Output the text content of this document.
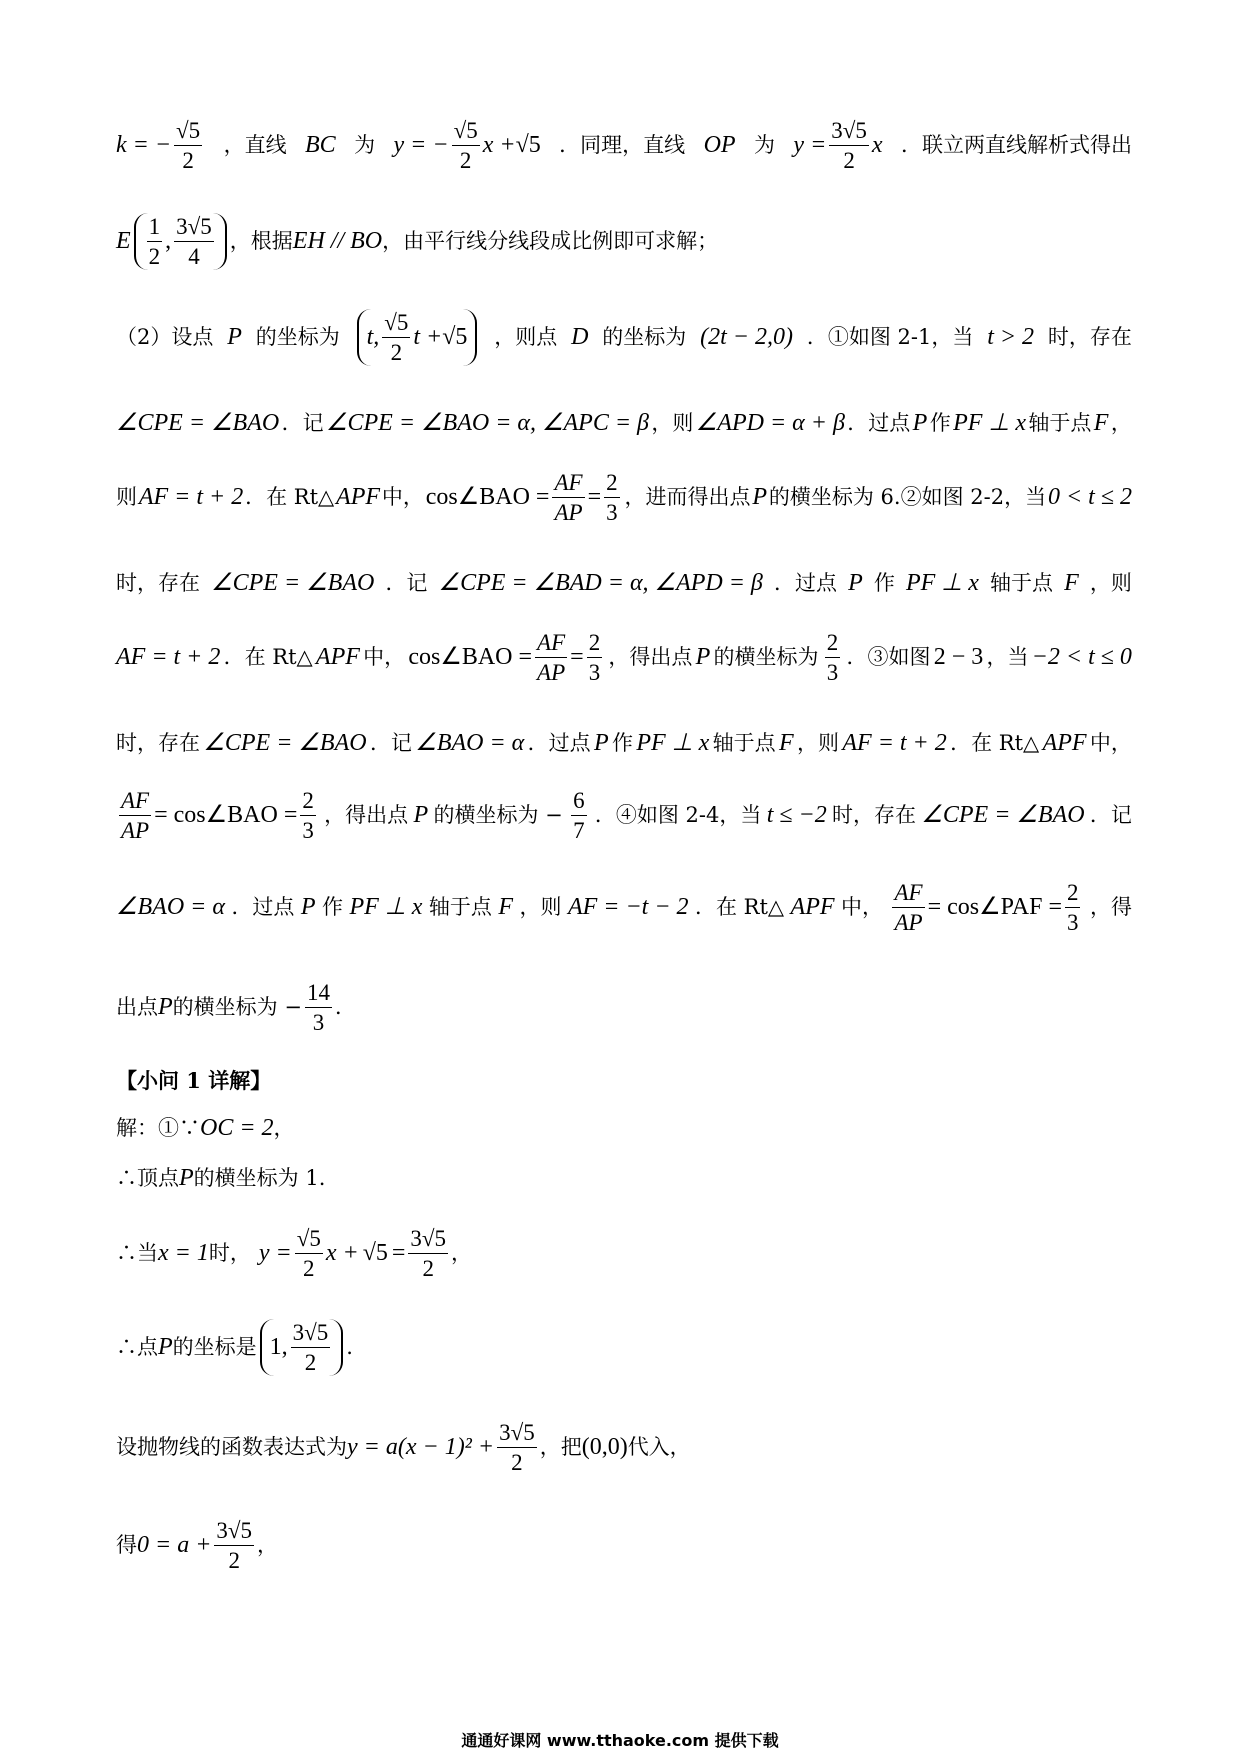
k = − $\frac{√5}{2}$ ，直线 BC 为 y = − $\frac{√5}{2}$ x + √5 ．同理，直线 OP 为 $y = \frac{3√5}{2}$ x ．联立两直线解析式得出
E $\frac{1}{2}$ , $\frac{3√5}{4}$ ，根据 EH // BO ，由平行线分线段成比例即可求解；
（2）设点 P 的坐标为 t, $\frac{√5}{2}$ t + √5 ，则点 D 的坐标为 (2t − 2,0) ．①如图 2-1，当 t > 2 时，存在
∠CPE = ∠BAO ．记 ∠CPE = ∠BAO = α, ∠APC = β ，则 ∠APD = α + β ．过点 P 作 PF ⊥ x 轴于点 F ，
则 AF = t + 2 ．在 Rt△ APF 中， cos∠BAO = $\frac{AF}{AP} = \frac{2}{3}$ ，进而得出点 P 的横坐标为 6.②如图 2-2，当 0 < t ≤ 2
时，存在 ∠CPE = ∠BAO ．记 ∠CPE = ∠BAD = α, ∠APD = β ．过点 P 作 PF ⊥ x 轴于点 F ，则
AF = t + 2 ．在 Rt△ APF 中， cos∠BAO = $\frac{AF}{AP} = \frac{2}{3}$ ，得出点 P 的横坐标为 $\frac{2}{3}$ ．③如图 2 − 3 ，当 −2 < t ≤ 0
时，存在 ∠CPE = ∠BAO ．记 ∠BAO = α ．过点 P 作 PF ⊥ x 轴于点 F ，则 AF = t + 2 ．在 Rt△ APF 中，
$\frac{AF}{AP}$ = cos∠BAO = $\frac{2}{3}$ ，得出点 P 的横坐标为 − $\frac{6}{7}$ ．④如图 2-4，当 t ≤ −2 时，存在 ∠CPE = ∠BAO ．记
∠BAO = α ．过点 P 作 PF ⊥ x 轴于点 F ，则 AF = −t − 2 ．在 Rt△ APF 中， $\frac{AF}{AP}$ = cos∠PAF = $\frac{2}{3}$ ，得
出点 P 的横坐标为 − $\frac{14}{3}$ ．
【小问 1 详解】
解：①∵ OC = 2 ，
∴顶点 P 的横坐标为 1.
∴当 x = 1 时， $y = \frac{√5}{2}$ $x + √5 = \frac{3√5}{2}$ ，
∴点 P 的坐标是 1, $\frac{3√5}{2}$ .
设抛物线的函数表达式为 $y = a(x - 1)^2 + \frac{3√5}{2}$ ，把 (0,0) 代入，
得 $0 = a + \frac{3√5}{2}$ ，
通通好课网 www.tthaoke.com 提供下载
